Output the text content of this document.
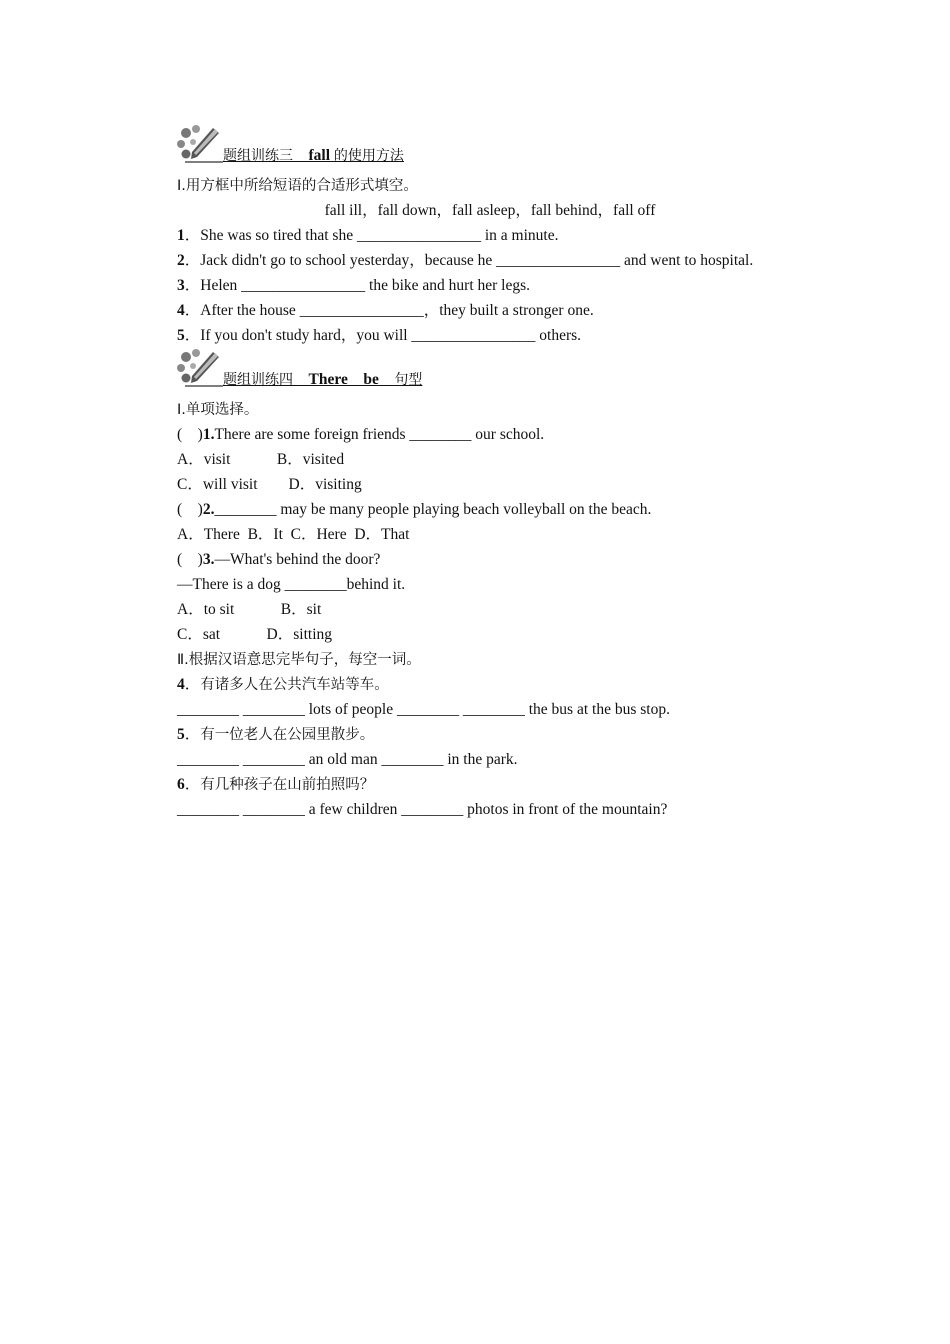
题组训练三　 fall 的使用方法
Ⅰ.用方框中所给短语的合适形式填空。
fall ill，fall down，fall asleep，fall behind，fall off
1．She was so tired that she ________________ in a minute.
2．Jack didn't go to school yesterday，because he ________________ and went to hospital.
3．Helen ________________ the bike and hurt her legs.
4．After the house ________________，they built a stronger one.
5．If you don't study hard，you will ________________ others.
题组训练四　 There　be　 句型
Ⅰ.单项选择。
(　)1.There are some foreign friends ________ our school.
A．visit　　　B．visited
C．will visit　　D．visiting
(　)2.________ may be many people playing beach volleyball on the beach.
A．There  B．It  C．Here  D．That
(　)3.—What's behind the door?
—There is a dog ________behind it.
A．to sit　　　B．sit
C．sat　　　D．sitting
Ⅱ.根据汉语意思完毕句子，每空一词。
4．有诸多人在公共汽车站等车。
________ ________ lots of people ________ ________ the bus at the bus stop.
5．有一位老人在公园里散步。
________ ________ an old man ________ in the park.
6．有几种孩子在山前拍照吗？
________ ________ a few children ________ photos in front of the mountain?
